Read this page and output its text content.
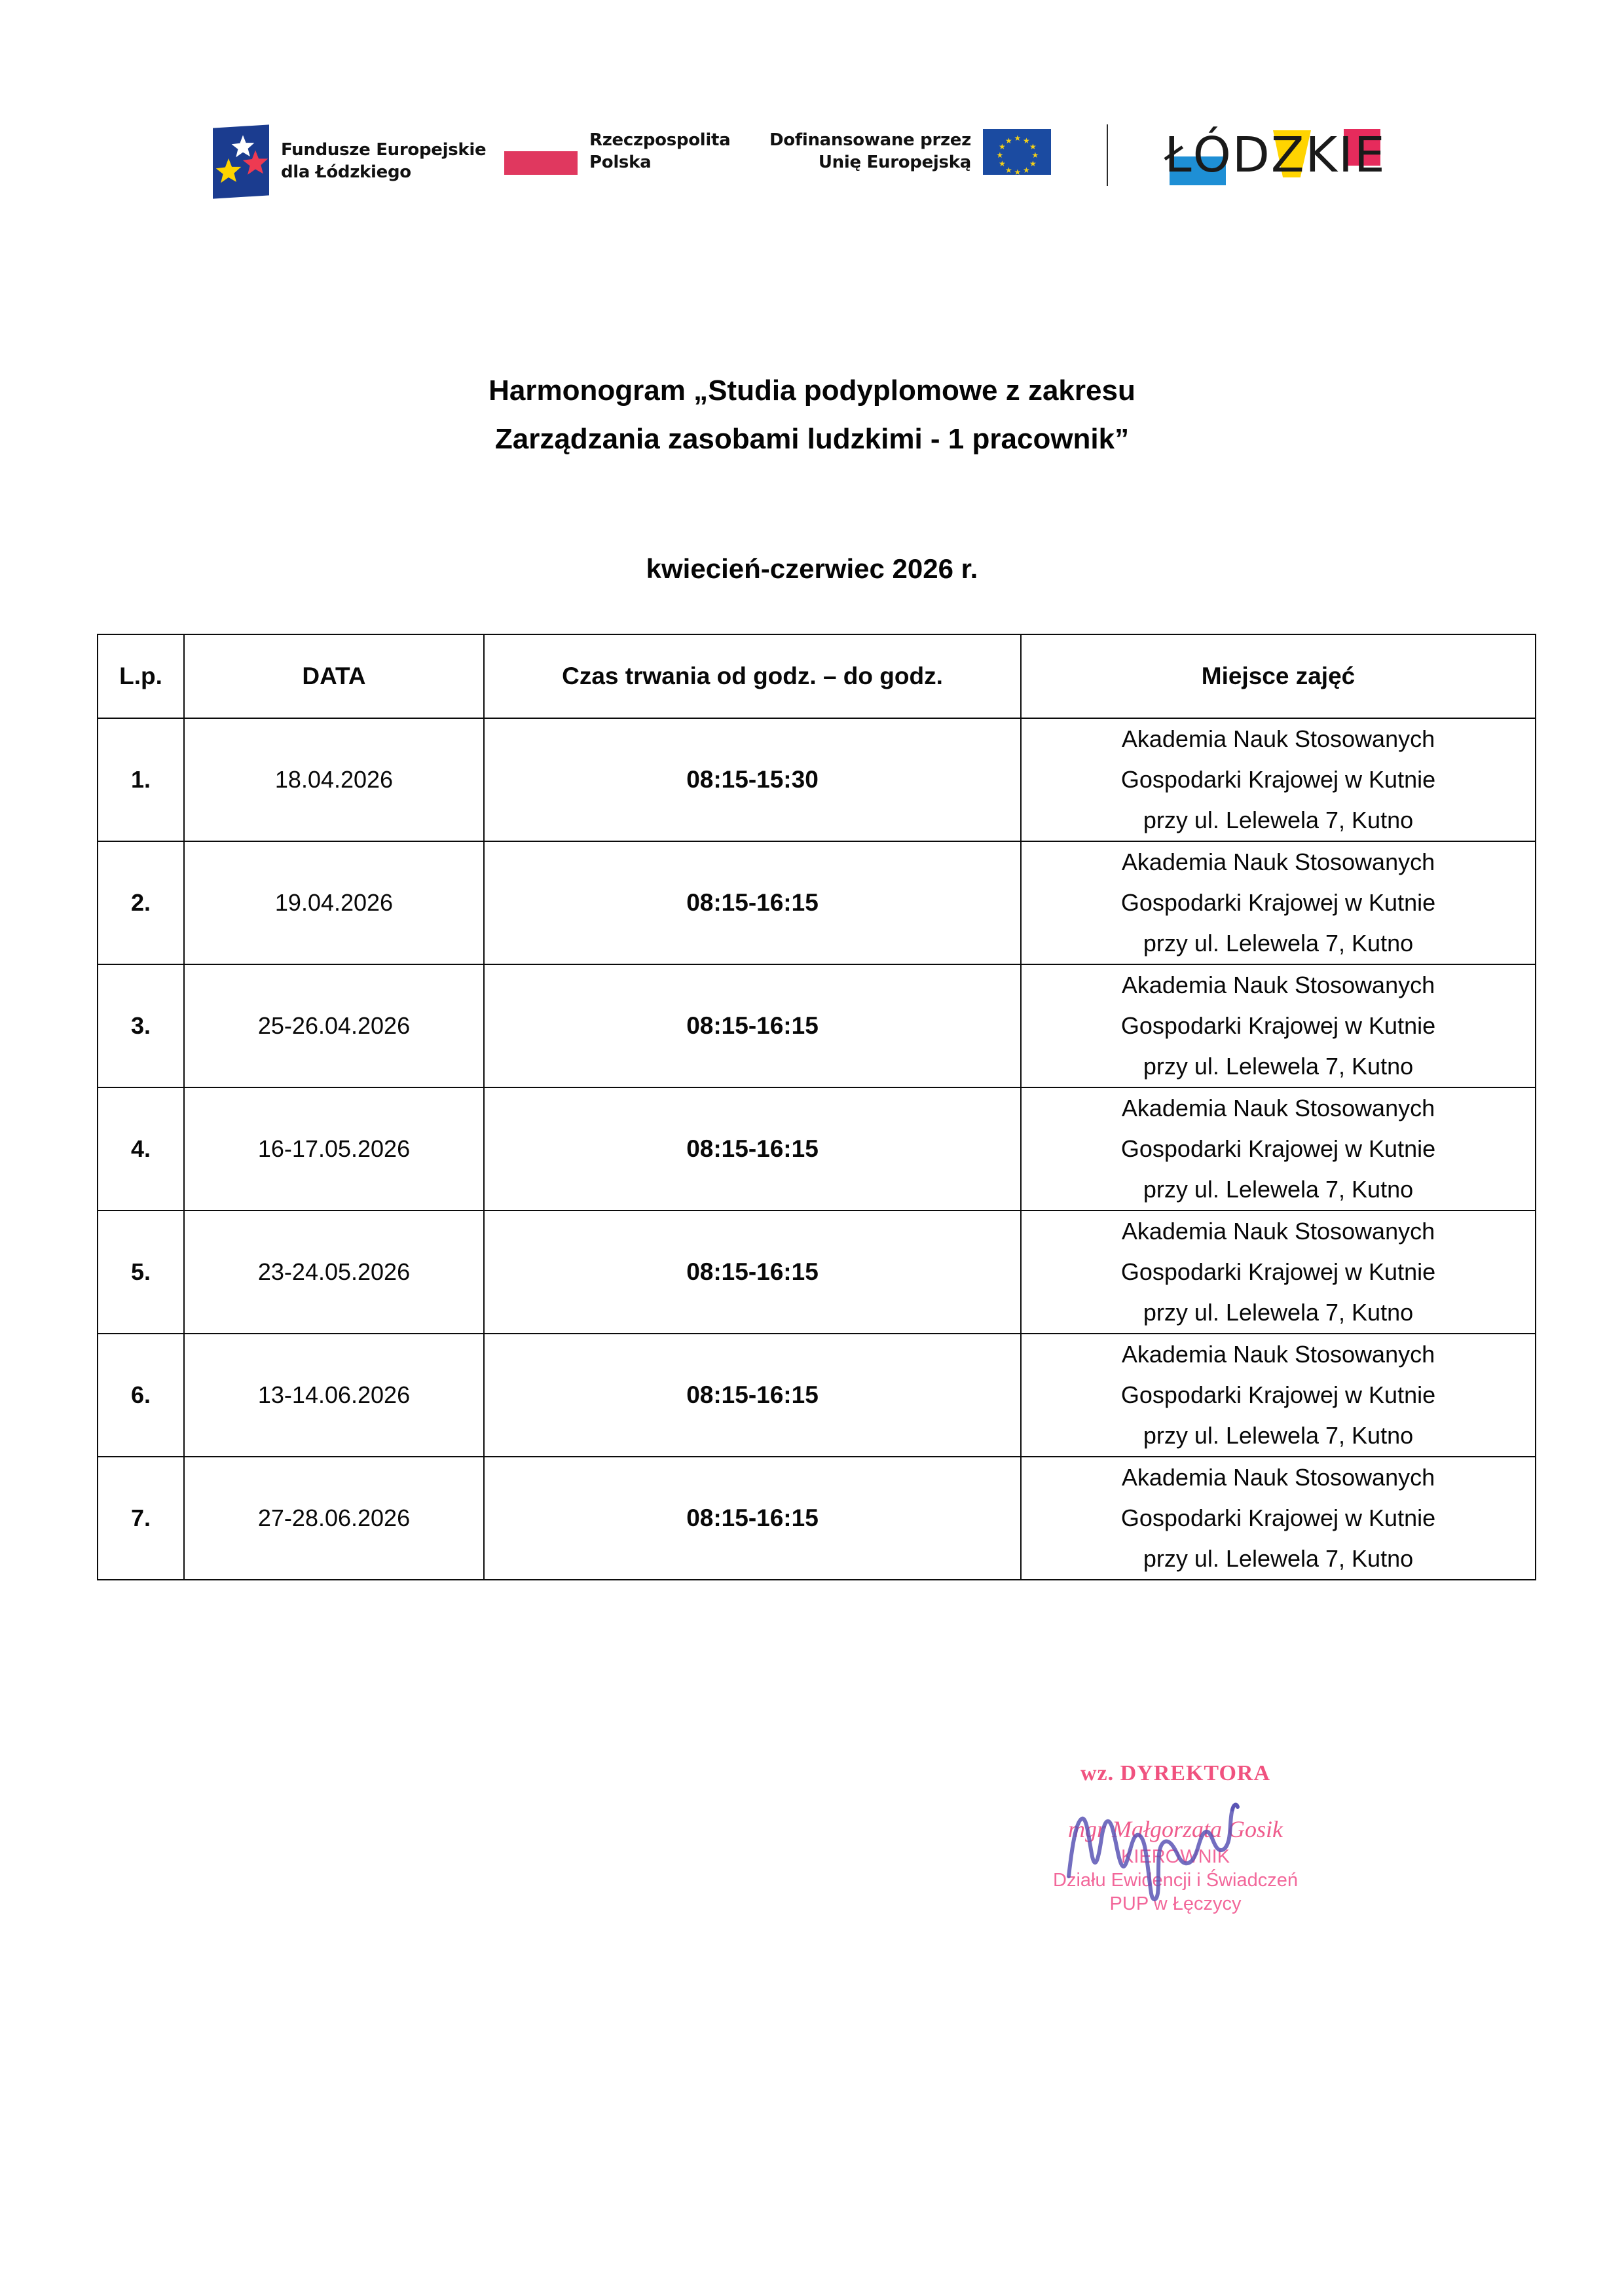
Fundusze Europejskie
dla Łódzkiego
Rzeczpospolita
Polska
Dofinansowane przez
Unię Europejską
★ ★
★
★
★
★
★
★
★
★
★
★	ŁÓDZKIE
Harmonogram „Studia podyplomowe z zakresu
Zarządzania zasobami ludzkimi - 1 pracownik”
kwiecień-czerwiec 2026 r.
L.p.	DATA	Czas trwania od godz. – do godz.	Miejsce zajęć
1.	18.04.2026	08:15-15:30	Akademia Nauk Stosowanych
Gospodarki Krajowej w Kutnie
przy ul. Lelewela 7, Kutno

2.	19.04.2026	08:15-16:15	Akademia Nauk Stosowanych
Gospodarki Krajowej w Kutnie
przy ul. Lelewela 7, Kutno

3.	25-26.04.2026	08:15-16:15	Akademia Nauk Stosowanych
Gospodarki Krajowej w Kutnie
przy ul. Lelewela 7, Kutno

4.	16-17.05.2026	08:15-16:15	Akademia Nauk Stosowanych
Gospodarki Krajowej w Kutnie
przy ul. Lelewela 7, Kutno

5.	23-24.05.2026	08:15-16:15	Akademia Nauk Stosowanych
Gospodarki Krajowej w Kutnie
przy ul. Lelewela 7, Kutno

6.	13-14.06.2026	08:15-16:15	Akademia Nauk Stosowanych
Gospodarki Krajowej w Kutnie
przy ul. Lelewela 7, Kutno

7.	27-28.06.2026	08:15-16:15	Akademia Nauk Stosowanych
Gospodarki Krajowej w Kutnie
przy ul. Lelewela 7, Kutno
wz. DYREKTORA
mgr Małgorzata Gosik
KIEROWNIK
Działu Ewidencji i Świadczeń
PUP w Łęczycy
